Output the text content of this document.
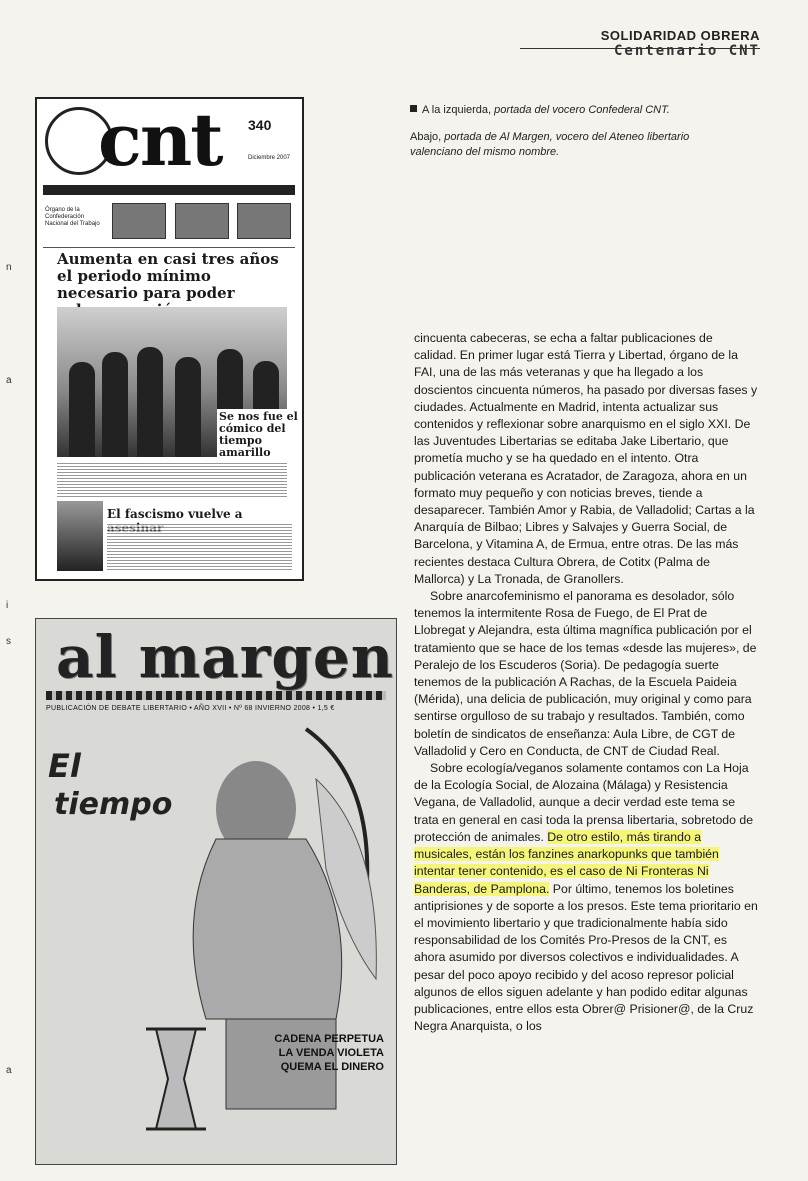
SOLIDARIDAD OBRERA
Centenario CNT
n
a
i
s
a
cnt 340
Diciembre 2007
Órgano de la Confederación Nacional del Trabajo
Aumenta en casi tres años el periodo mínimo necesario para poder
Se nos fue el cómico del tiempo amarillo
El fascismo vuelve a
al margen
PUBLICACIÓN DE DEBATE LIBERTARIO • AÑO XVII • Nº 68 INVIERNO 2008 • 1,5 €
El
tiempo
CADENA PERPETUA
LA VENDA VIOLETA
QUEMA EL DINERO

A la izquierda, portada del vocero Confederal CNT.

Abajo, portada de Al Margen, vocero del Ateneo libertario valenciano del mismo nombre.

cincuenta cabeceras, se echa a faltar publicaciones de calidad. En primer lugar está Tierra y Libertad, órgano de la FAI, una de las más veteranas y que ha llegado a los doscientos cincuenta números, ha pasado por diversas fases y ciudades. Actualmente en Madrid, intenta actualizar sus contenidos y reflexionar sobre anarquismo en el siglo XXI. De las Juventudes Libertarias se editaba Jake Libertario, que prometía mucho y se ha quedado en el intento. Otra publicación veterana es Acratador, de Zaragoza, ahora en un formato muy pequeño y con noticias breves, tiende a desaparecer. También Amor y Rabia, de Valladolid; Cartas a la Anarquía de Bilbao; Libres y Salvajes y Guerra Social, de Barcelona, y Vitamina A, de Ermua, entre otras. De las más recientes destaca Cultura Obrera, de Cotitx (Palma de Mallorca) y La Tronada, de Granollers.

Sobre anarcofeminismo el panorama es desolador, sólo tenemos la intermitente Rosa de Fuego, de El Prat de Llobregat y Alejandra, esta última magnífica publicación por el tratamiento que se hace de los temas «desde las mujeres», de Peralejo de los Escuderos (Soria). De pedagogía suerte tenemos de la publicación A Rachas, de la Escuela Paideia (Mérida), una delicia de publicación, muy original y como para sentirse orgulloso de su trabajo y resultados. También, como boletín de sindicatos de enseñanza: Aula Libre, de CGT de Valladolid y Cero en Conducta, de CNT de Ciudad Real.

Sobre ecología/veganos solamente contamos con La Hoja de la Ecología Social, de Alozaina (Málaga) y Resistencia Vegana, de Valladolid, aunque a decir verdad este tema se trata en general en casi toda la prensa libertaria, sobretodo de protección de animales. De otro estilo, más tirando a musicales, están los fanzines anarkopunks que también intentar tener contenido, es el caso de Ni Fronteras Ni Banderas, de Pamplona. Por último, tenemos los boletines antiprisiones y de soporte a los presos. Este tema prioritario en el movimiento libertario y que tradicionalmente había sido responsabilidad de los Comités Pro-Presos de la CNT, es ahora asumido por diversos colectivos e individualidades. A pesar del poco apoyo recibido y del acoso represor policial algunos de ellos siguen adelante y han podido editar algunas publicaciones, entre ellos esta Obrer@ Prisioner@, de la Cruz Negra Anarquista, o los
